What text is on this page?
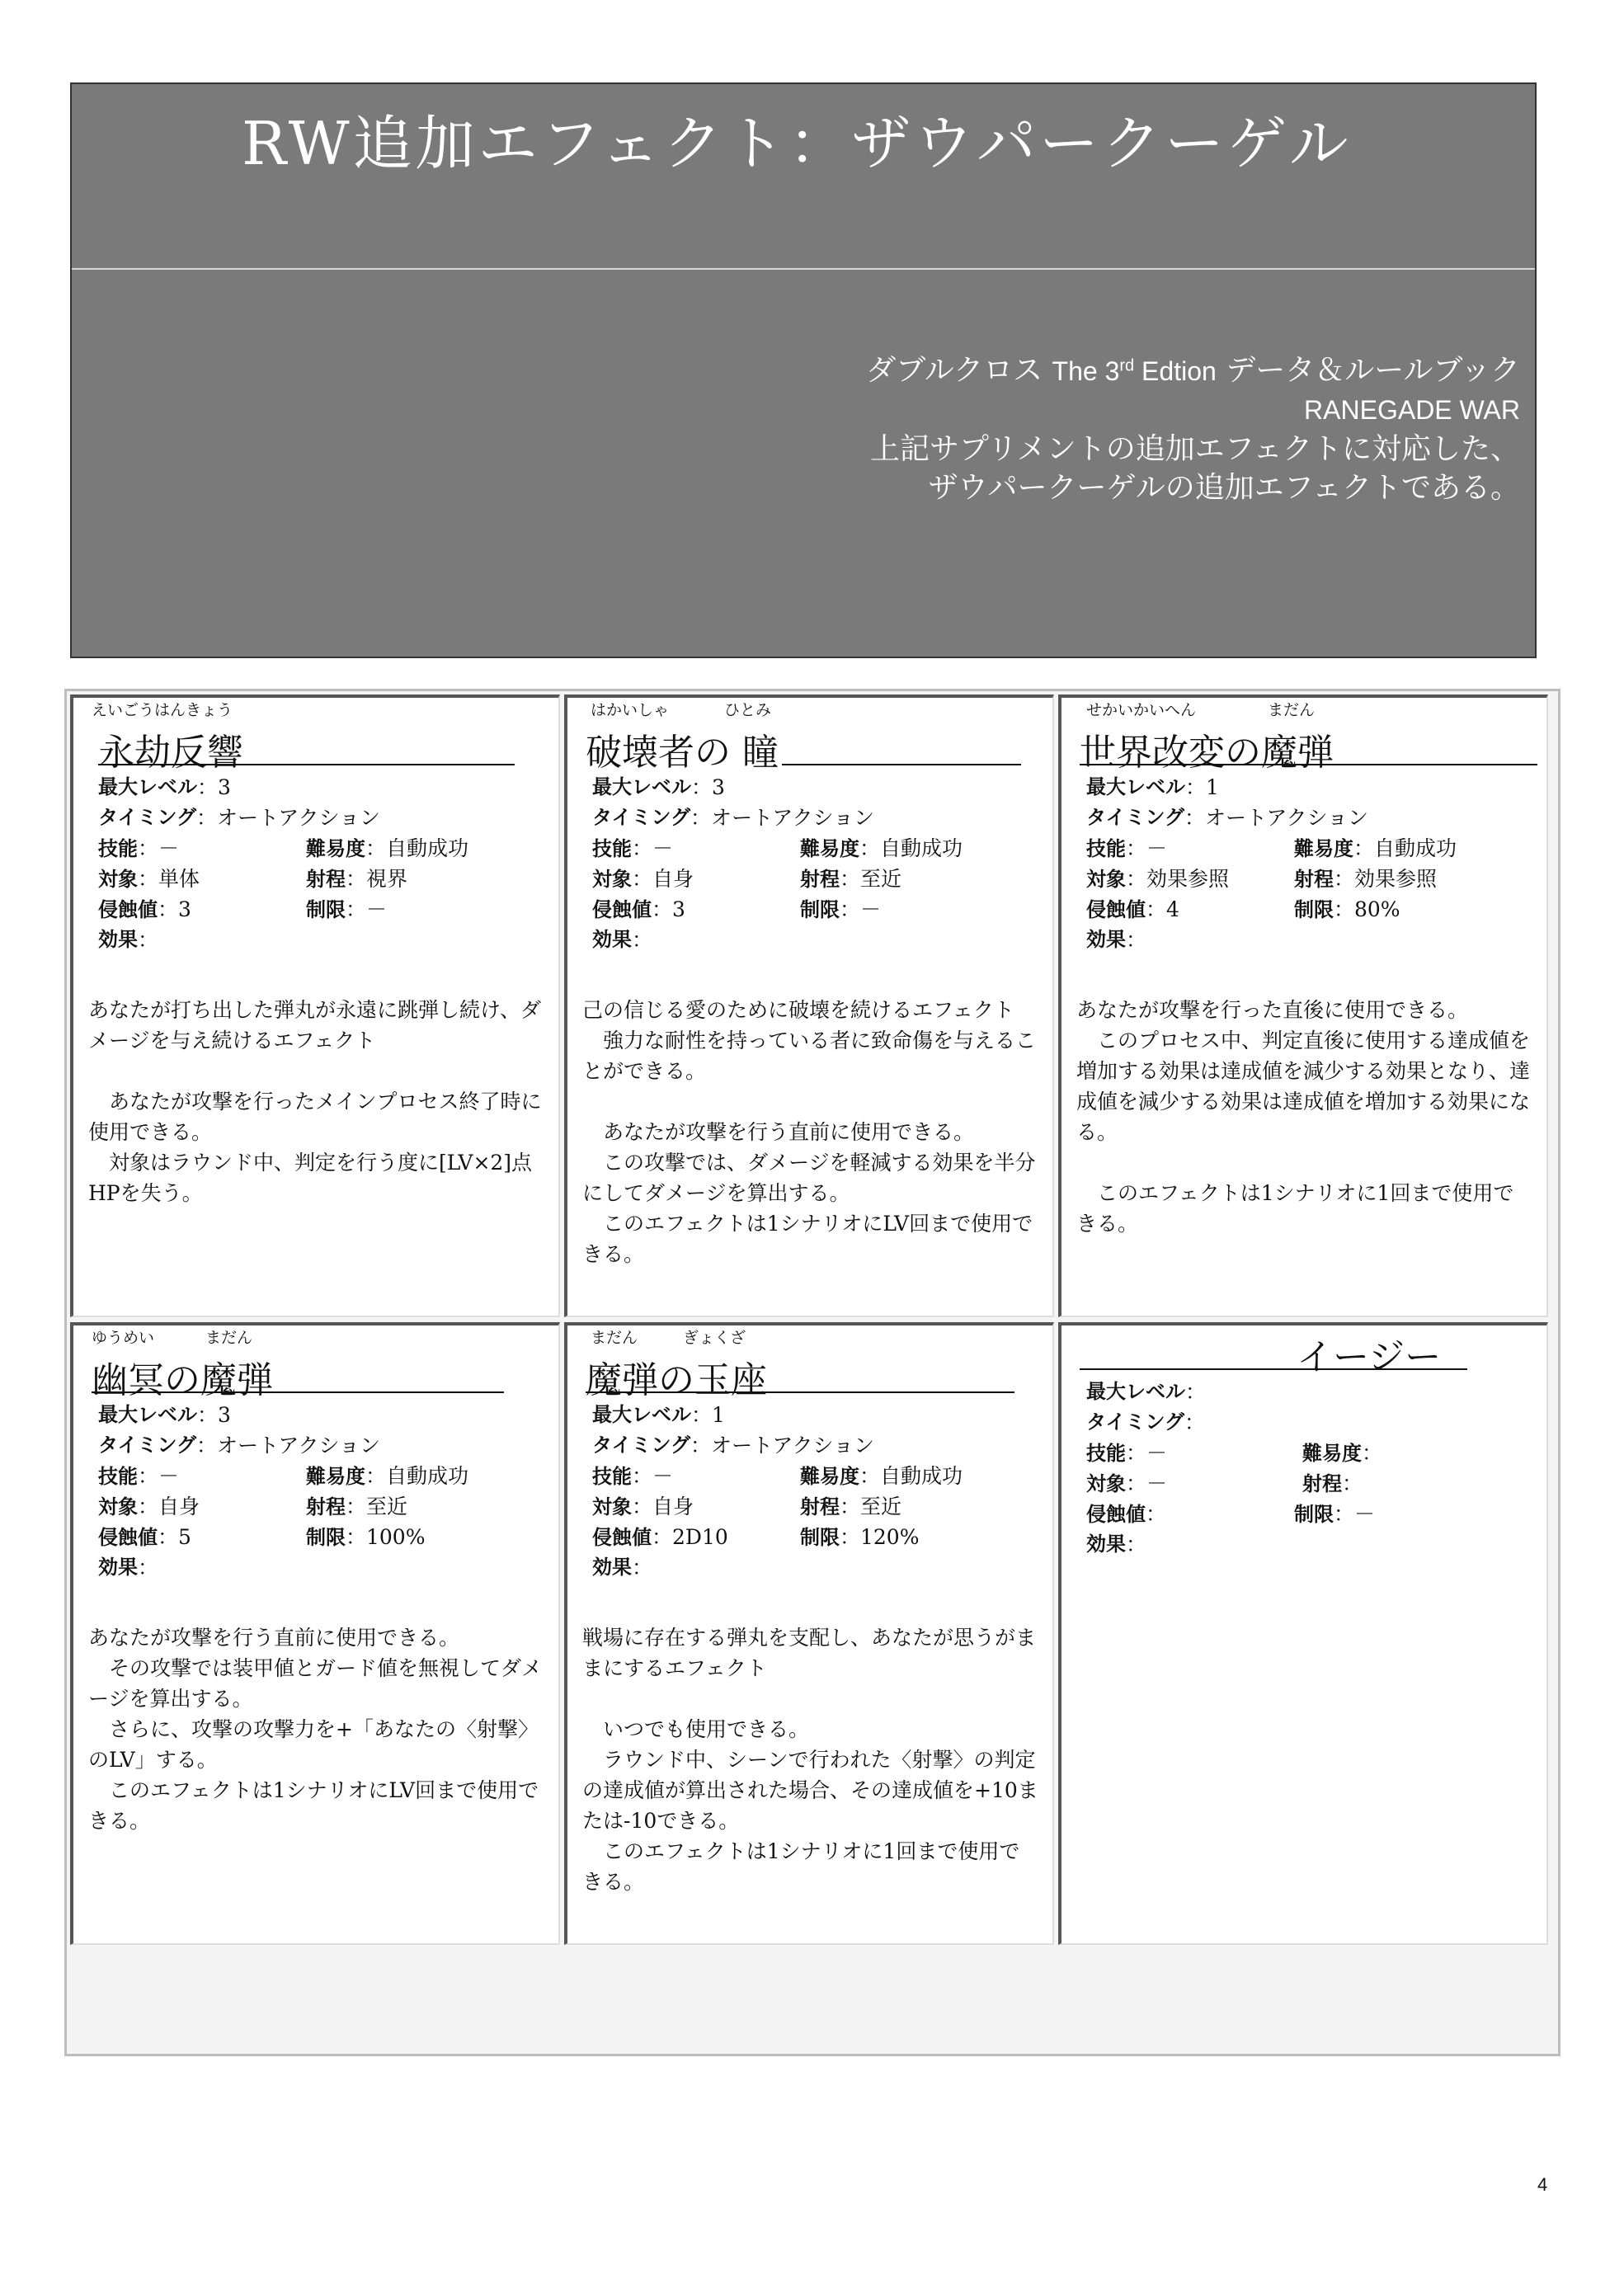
RW追加エフェクト：ザウパークーゲル
ダブルクロス The 3rd Edtion データ＆ルールブック
RANEGADE WAR
上記サプリメントの追加エフェクトに対応した、
ザウパークーゲルの追加エフェクトである。
えいごうはんきょう
永劫反響
最大レベル ：3
タイミング ：オートアクション
技能：－	難易度：自動成功
対象：単体	射程：視界
侵蝕値：3	制限：－
効果 ：
あなたが打ち出した弾丸が永遠に跳弾し続け、ダメージを与え続けるエフェクト

　あなたが攻撃を行ったメインプロセス終了時に使用できる。
　対象はラウンド中、判定を行う度に[LV×2]点HPを失う。
はかいしゃ	ひとみ
破壊者の 瞳
最大レベル ：3
タイミング ：オートアクション
技能：－	難易度：自動成功
対象：自身	射程：至近
侵蝕値：3	制限：－
効果 ：
己の信じる愛のために破壊を続けるエフェクト
　強力な耐性を持っている者に致命傷を与えることができる。

　あなたが攻撃を行う直前に使用できる。
　この攻撃では、ダメージを軽減する効果を半分にしてダメージを算出する。
　このエフェクトは1シナリオにLV回まで使用できる。
せかいかいへん	まだん
世界改変の魔弾
最大レベル ：1
タイミング ：オートアクション
技能：－	難易度：自動成功
対象：効果参照	射程：効果参照
侵蝕値：4	制限：80%
効果 ：
あなたが攻撃を行った直後に使用できる。
　このプロセス中、判定直後に使用する達成値を増加する効果は達成値を減少する効果となり、達成値を減少する効果は達成値を増加する効果になる。

　このエフェクトは1シナリオに1回まで使用できる。
ゆうめい	まだん
幽冥の魔弾
最大レベル ：3
タイミング ：オートアクション
技能：－	難易度：自動成功
対象：自身	射程：至近
侵蝕値：5	制限：100%
効果 ：
あなたが攻撃を行う直前に使用できる。
　その攻撃では装甲値とガード値を無視してダメージを算出する。
　さらに、攻撃の攻撃力を+「あなたの〈射撃〉のLV」する。
　このエフェクトは1シナリオにLV回まで使用できる。
まだん	ぎょくざ
魔弾の玉座
最大レベル ：1
タイミング ：オートアクション
技能：－	難易度：自動成功
対象：自身	射程：至近
侵蝕値：2D10	制限：120%
効果 ：
戦場に存在する弾丸を支配し、あなたが思うがままにするエフェクト

　いつでも使用できる。
　ラウンド中、シーンで行われた〈射撃〉の判定の達成値が算出された場合、その達成値を+10または-10できる。
　このエフェクトは1シナリオに1回まで使用できる。
イージー
最大レベル ：
タイミング ：
技能：－	難易度：
対象：－	射程：
侵蝕値：	制限：－
効果 ：
4
